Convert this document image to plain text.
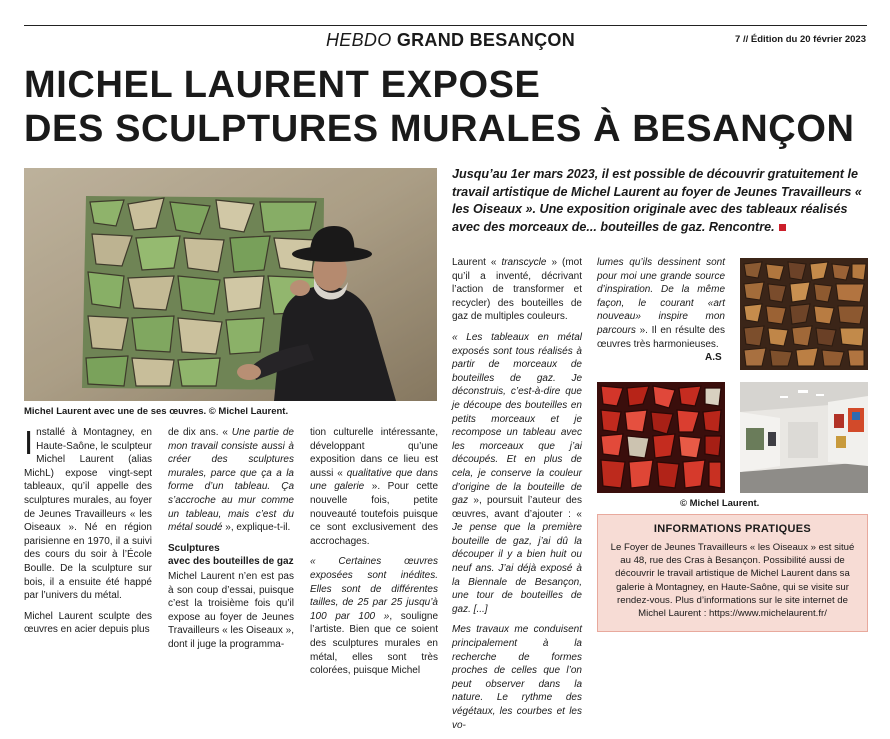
HEBDO GRAND BESANÇON	7 // Édition du 20 février 2023
MICHEL LAURENT EXPOSE
DES SCULPTURES MURALES À BESANÇON
Michel Laurent avec une de ses œuvres. © Michel Laurent.
Jusqu’au 1er mars 2023, il est possible de découvrir gratuitement le travail artistique de Michel Laurent au foyer de Jeunes Travailleurs « les Oiseaux ». Une exposition originale avec des tableaux réalisés avec des morceaux de... bouteilles de gaz. Rencontre.

Installé à Montagney, en Haute-Saône, le sculpteur Michel Laurent (alias MichL) expose vingt-sept tableaux, qu’il appelle des sculptures murales, au foyer de Jeunes Travailleurs « les Oiseaux ». Né en région parisienne en 1970, il a suivi des cours du soir à l’École Boulle. De la sculpture sur bois, il a ensuite été happé par l’univers du métal.

Michel Laurent sculpte des œuvres en acier depuis plus

de dix ans. « Une partie de mon travail consiste aussi à créer des sculptures murales, parce que ça a la forme d’un tableau. Ça s’accroche au mur comme un tableau, mais c’est du métal soudé », explique-t-il.

Sculptures
avec des bouteilles de gaz

Michel Laurent n’en est pas à son coup d’essai, puisque c’est la troisième fois qu’il expose au foyer de Jeunes Travailleurs « les Oiseaux », dont il juge la programma-

tion culturelle intéressante, développant qu’une exposition dans ce lieu est aussi « qualitative que dans une galerie ». Pour cette nouvelle fois, petite nouveauté toutefois puisque ce sont exclusivement des accrochages.

« Certaines œuvres exposées sont inédites. Elles sont de différentes tailles, de 25 par 25 jusqu’à 100 par 100 », souligne l’artiste. Bien que ce soient des sculptures murales en métal, elles sont très colorées, puisque Michel

Laurent « transcycle » (mot qu’il a inventé, décrivant l’action de transformer et recycler) des bouteilles de gaz de multiples couleurs.

« Les tableaux en métal exposés sont tous réalisés à partir de morceaux de bouteilles de gaz. Je déconstruis, c’est-à-dire que je découpe des bouteilles en petits morceaux et je recompose un tableau avec les morceaux que j’ai découpés. Et en plus de cela, je conserve la couleur d’origine de la bouteille de gaz », poursuit l’auteur des œuvres, avant d’ajouter : « Je pense que la première bouteille de gaz, j’ai dû la découper il y a bien huit ou neuf ans. J’ai déjà exposé à la Biennale de Besançon, une tour de bouteilles de gaz. [...]

Mes travaux me conduisent principalement à la recherche de formes proches de celles que l’on peut observer dans la nature. Le rythme des végétaux, les courbes et les vo-

lumes qu’ils dessinent sont pour moi une grande source d’inspiration. De la même façon, le courant «art nouveau» inspire mon parcours ». Il en résulte des œuvres très harmonieuses.

A.S
© Michel Laurent.
INFORMATIONS PRATIQUES
Le Foyer de Jeunes Travailleurs « les Oiseaux » est situé au 48, rue des Cras à Besançon. Possibilité aussi de découvrir le travail artistique de Michel Laurent dans sa galerie à Montagney, en Haute-Saône, qui se visite sur rendez-vous. Plus d’informations sur le site internet de Michel Laurent : https://www.michelaurent.fr/
